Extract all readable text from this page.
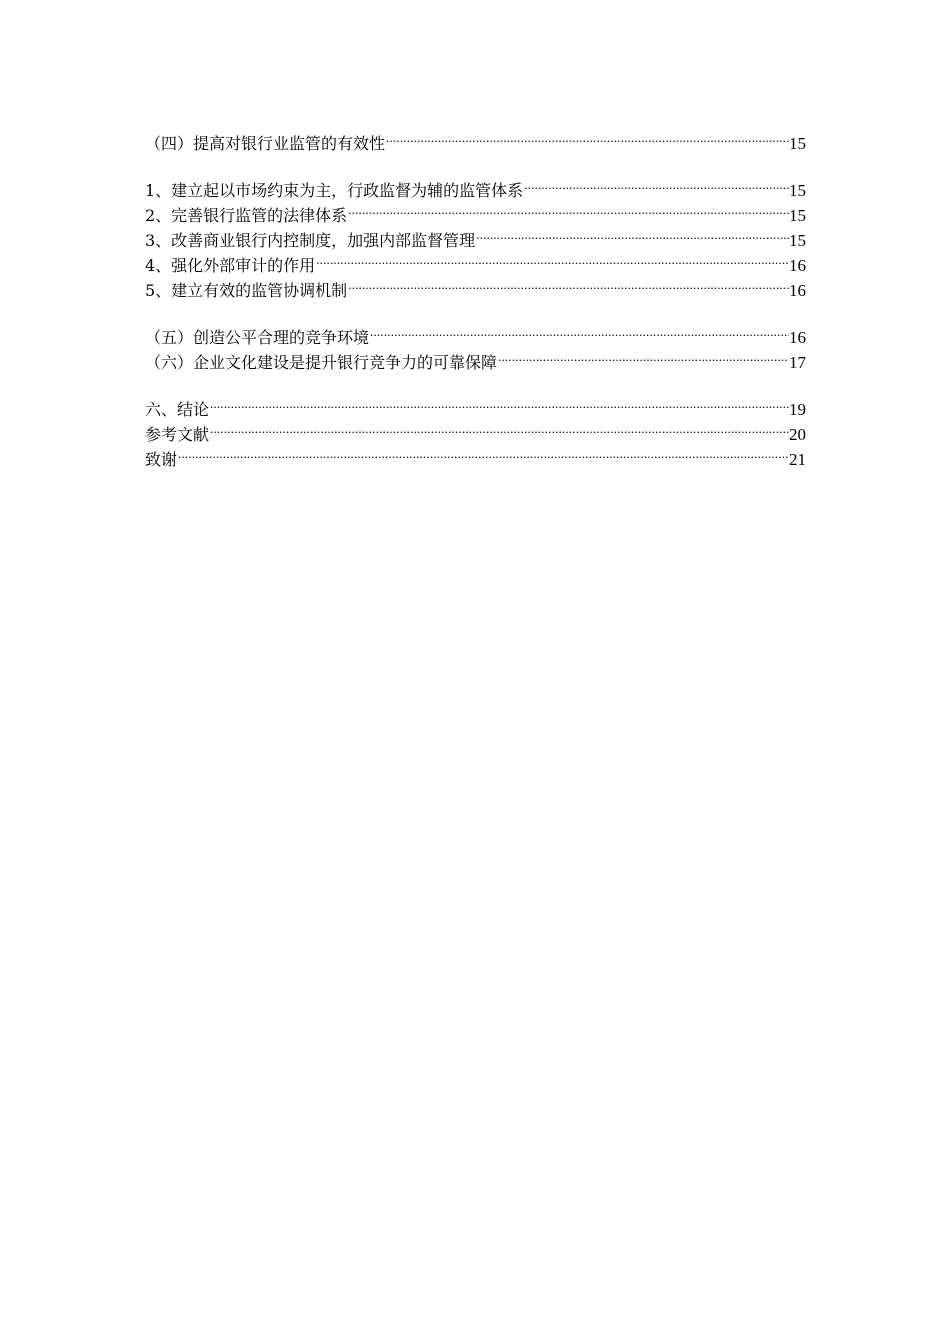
（四）提高对银行业监管的有效性 .....	15
1、建立起以市场约束为主，行政监督为辅的监管体系 .....	15
2、完善银行监管的法律体系 .....	15
3、改善商业银行内控制度，加强内部监督管理 .....	15
4、强化外部审计的作用 .....	16
5、建立有效的监管协调机制 .....	16
（五）创造公平合理的竞争环境 .....	16
（六）企业文化建设是提升银行竞争力的可靠保障 .....	17
六、结论 .....	19
参考文献 .....	20
致谢 .....	21
